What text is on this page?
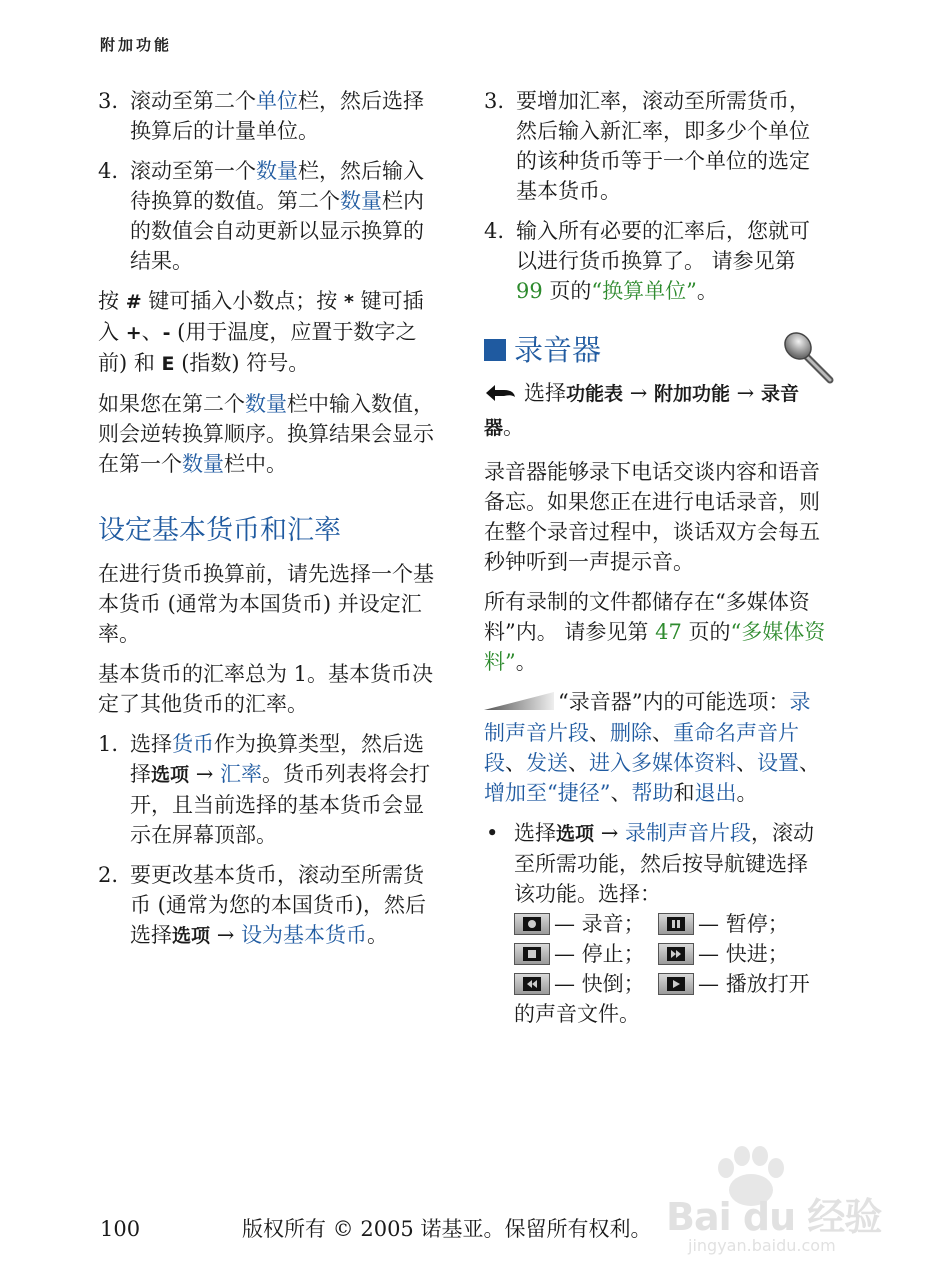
附加功能
3. 滚动至第二个单位栏，然后选择换算后的计量单位。
4. 滚动至第一个数量栏，然后输入待换算的数值。第二个数量栏内的数值会自动更新以显示换算的结果。

按 # 键可插入小数点；按 * 键可插入 +、- (用于温度，应置于数字之前) 和 E (指数) 符号。

如果您在第二个数量栏中输入数值，则会逆转换算顺序。换算结果会显示在第一个数量栏中。

设定基本货币和汇率

在进行货币换算前，请先选择一个基本货币 (通常为本国货币) 并设定汇率。

基本货币的汇率总为 1。基本货币决定了其他货币的汇率。

1. 选择货币作为换算类型，然后选择选项 → 汇率。货币列表将会打开，且当前选择的基本货币会显示在屏幕顶部。
2. 要更改基本货币，滚动至所需货币 (通常为您的本国货币)，然后选择选项 → 设为基本货币。
3. 要增加汇率，滚动至所需货币，然后输入新汇率，即多少个单位的该种货币等于一个单位的选定基本货币。
4. 输入所有必要的汇率后，您就可以进行货币换算了。 请参见第 99 页的“换算单位”。
录音器

选择功能表 → 附加功能 → 录音器。

录音器能够录下电话交谈内容和语音备忘。如果您正在进行电话录音，则在整个录音过程中，谈话双方会每五秒钟听到一声提示音。

所有录制的文件都储存在“多媒体资料”内。 请参见第 47 页的“多媒体资料”。

“录音器”内的可能选项：录制声音片段、删除、重命名声音片段、发送、进入多媒体资料、设置、增加至“捷径”、帮助和退出。

• 选择选项 → 录制声音片段，滚动至所需功能，然后按导航键选择该功能。选择：
— 录音；	— 暂停；
— 停止；	— 快进；
— 快倒；	— 播放打开的声音文件。
Bai du 经验
jingyan.baidu.com
100	版权所有 © 2005 诺基亚。保留所有权利。
